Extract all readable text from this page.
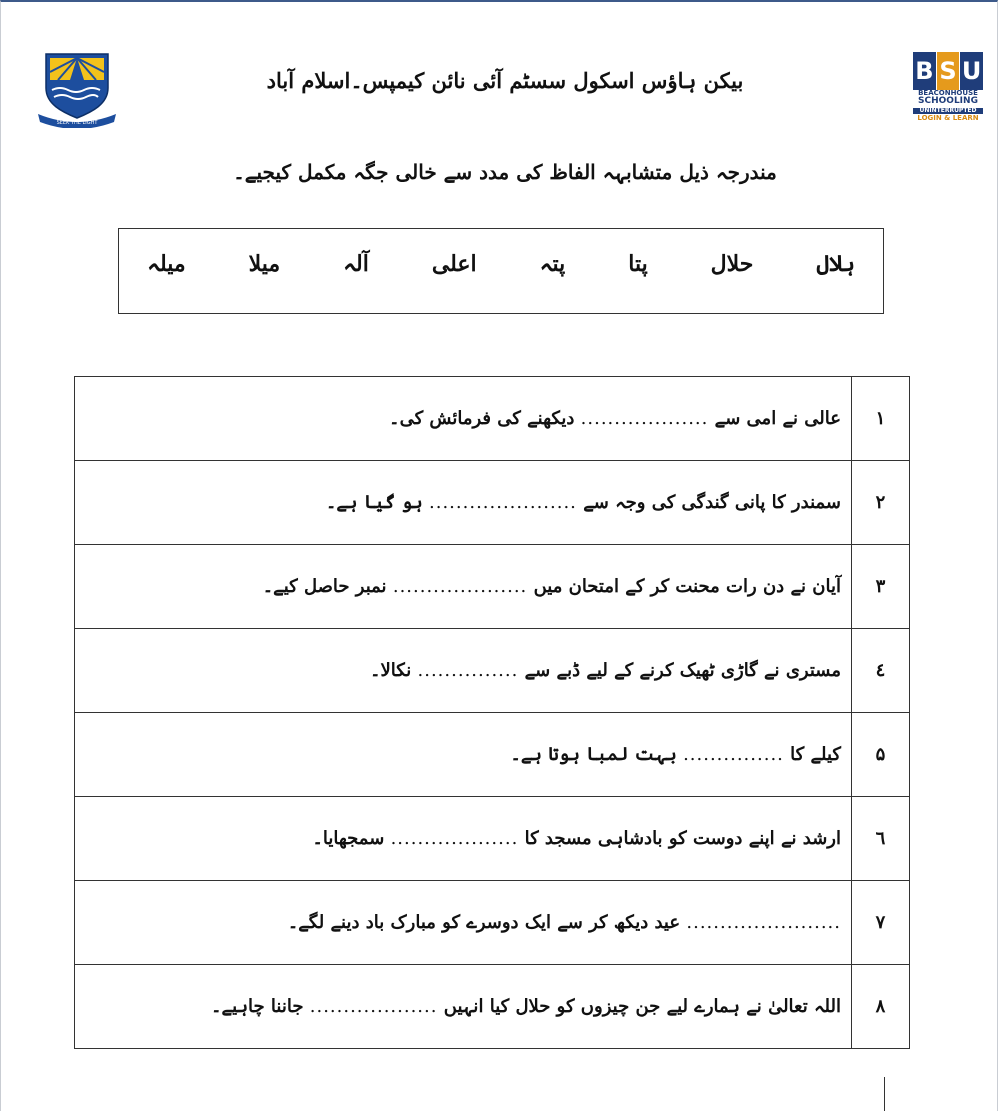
SEEK THE LIGHT
B S U
BEACONHOUSE
SCHOOLING
UNINTERRUPTED
LOGIN & LEARN
بیکن ہاؤس اسکول سسٹم آئی نائن کیمپس۔اسلام آباد
مندرجہ ذیل متشابہہ الفاظ کی مدد سے خالی جگہ مکمل کیجیے۔
میلہ	میلا	آلہ	اعلی	پتہ	پتا	حلال	ہلال
١	عالی نے امی سے ................... دیکھنے کی فرمائش کی۔
٢	سمندر کا پانی گندگی کی وجہ سے ...................... ہو گیا ہے۔
٣	آیان نے دن رات محنت کر کے امتحان میں .................... نمبر حاصل کیے۔
٤	مستری نے گاڑی ٹھیک کرنے کے لیے ڈبے سے ............... نکالا۔
۵	کیلے کا ............... بہت لمبا ہوتا ہے۔
٦	ارشد نے اپنے دوست کو بادشاہی مسجد کا ................... سمجھایا۔
٧	....................... عید دیکھ کر سے ایک دوسرے کو مبارک باد دینے لگے۔
٨	اللہ تعالیٰ نے ہمارے لیے جن چیزوں کو حلال کیا انہیں ................... جاننا چاہیے۔
